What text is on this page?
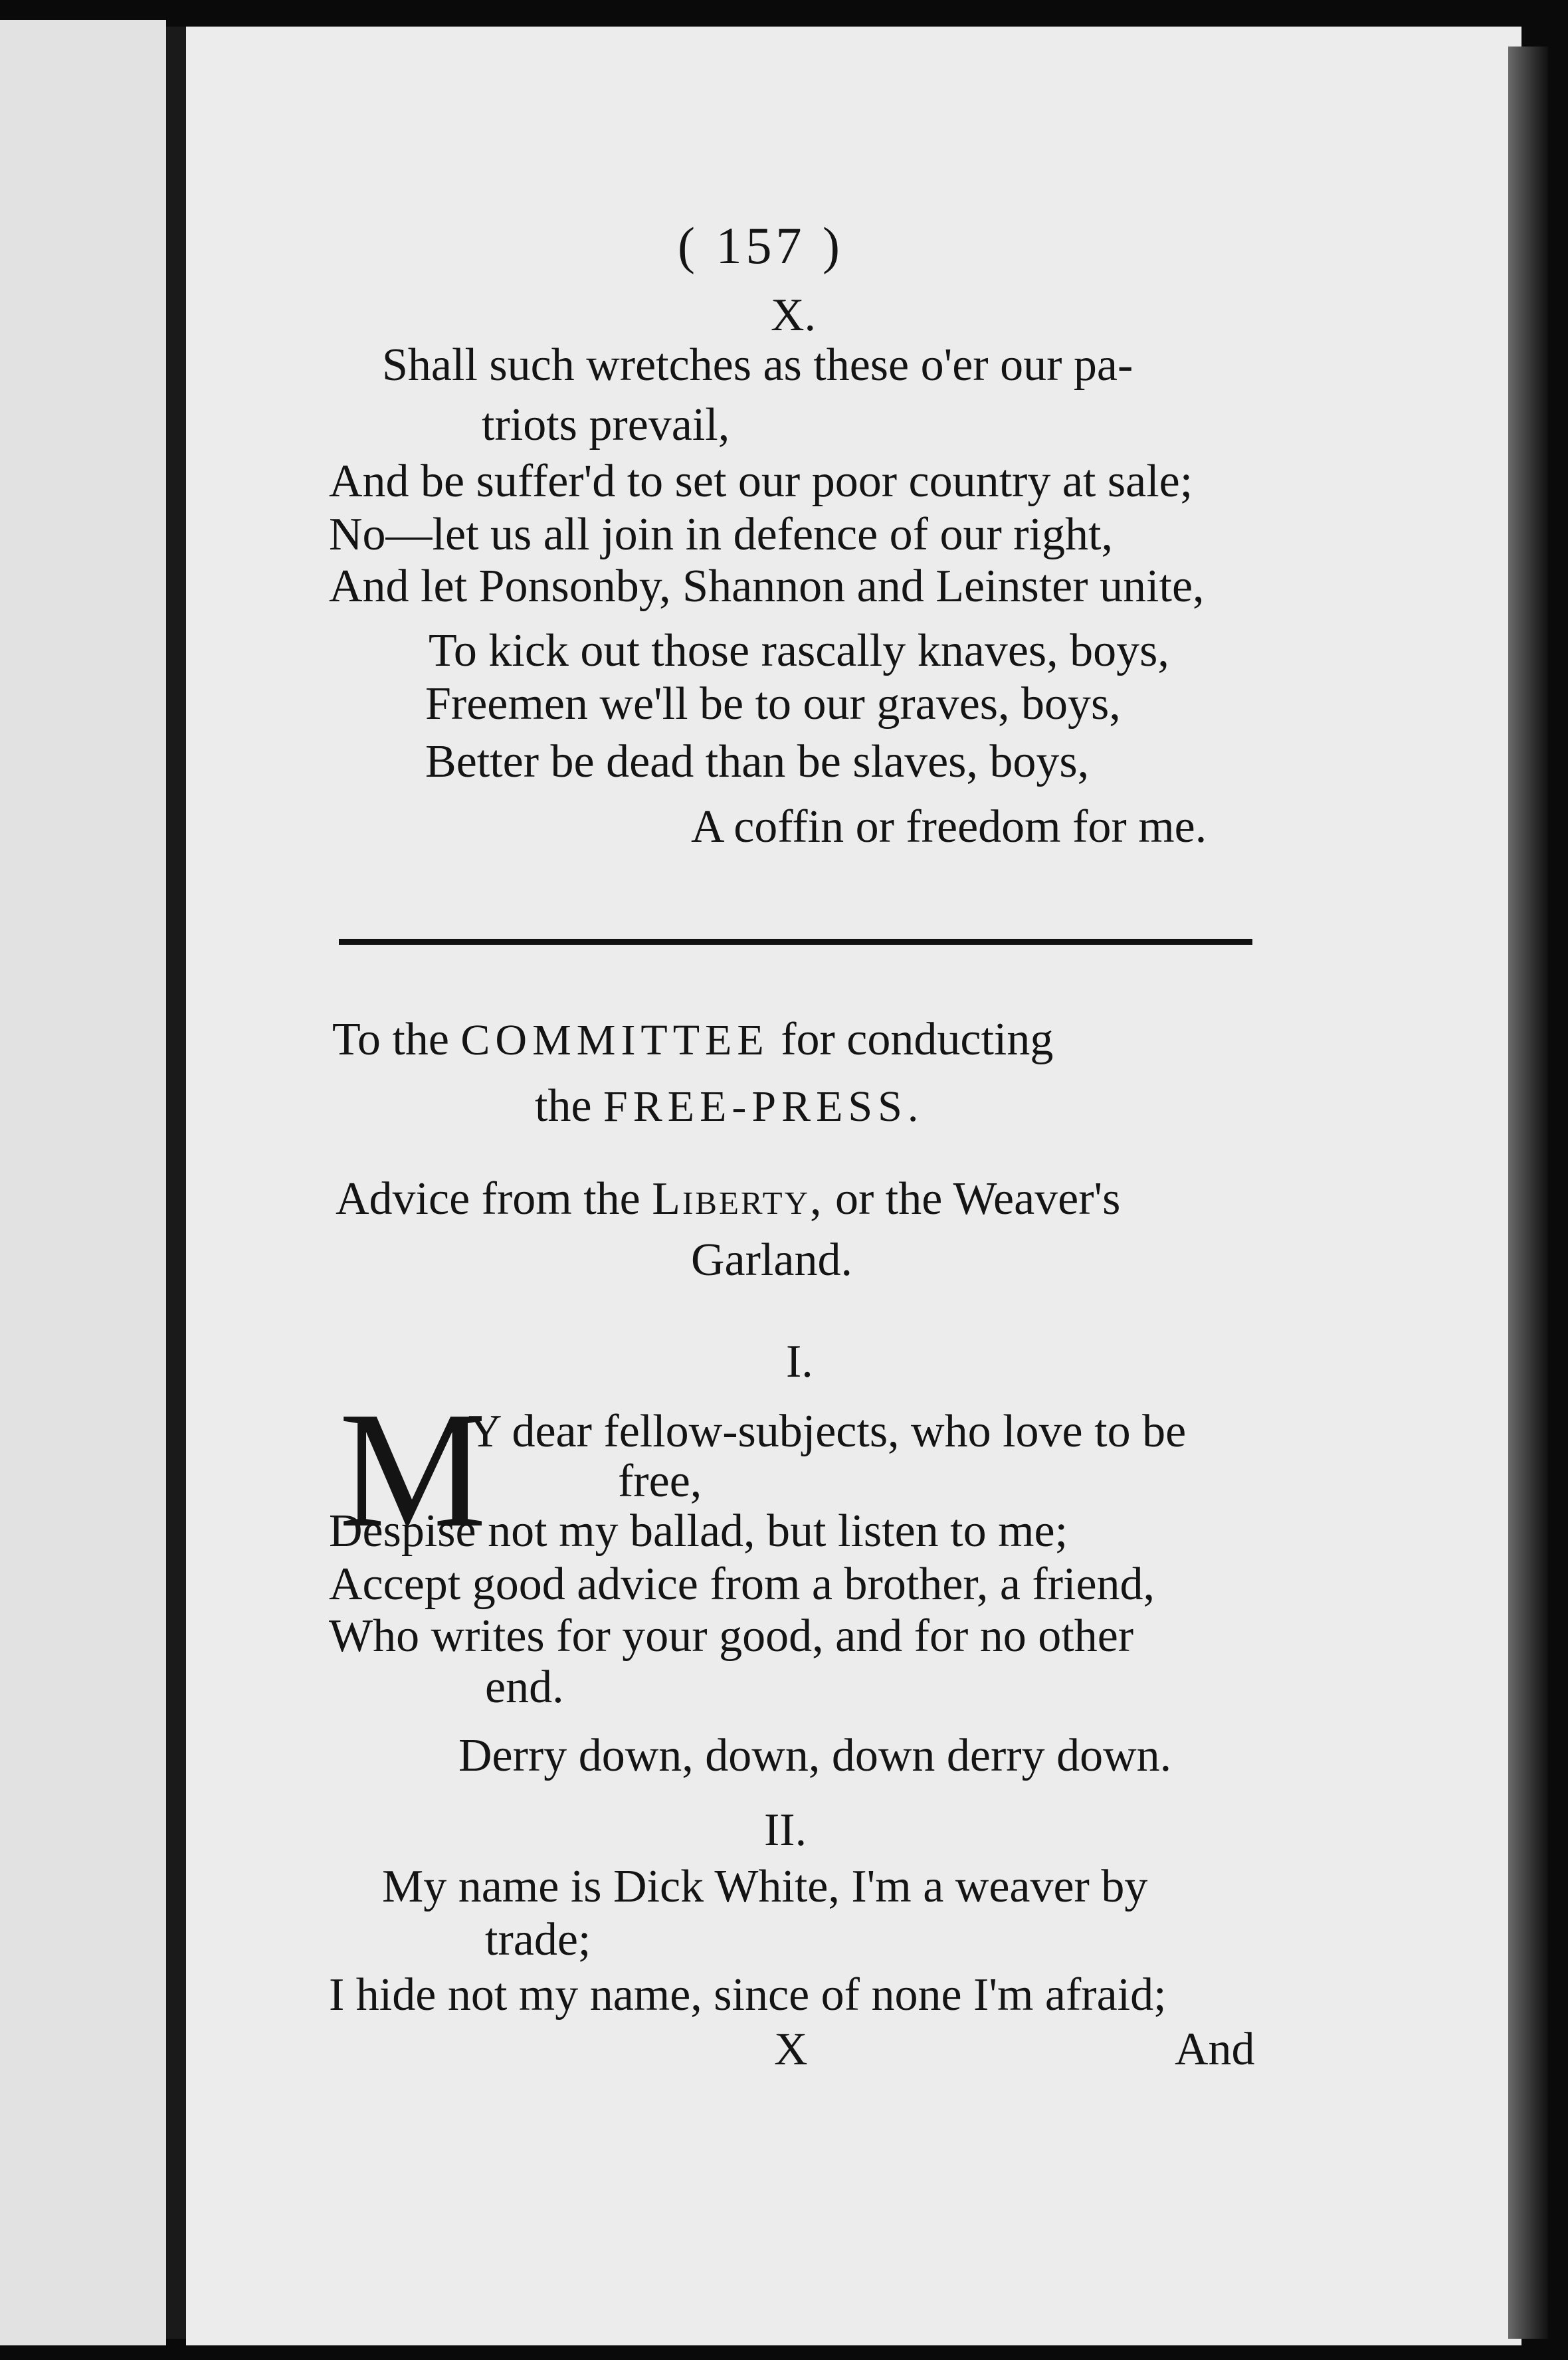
( 157 )
X.
Shall such wretches as these o'er our pa-
triots prevail,
And be suffer'd to set our poor country at sale;
No—let us all join in defence of our right,
And let Ponsonby, Shannon and Leinster unite,
To kick out those rascally knaves, boys,
Freemen we'll be to our graves, boys,
Better be dead than be slaves, boys,
A coffin or freedom for me.
To the COMMITTEE for conducting
the FREE-PRESS.
Advice from the Liberty, or the Weaver's
Garland.
I.
M
Y dear fellow-subjects, who love to be
free,
Despise not my ballad, but listen to me;
Accept good advice from a brother, a friend,
Who writes for your good, and for no other
end.
Derry down, down, down derry down.
II.
My name is Dick White, I'm a weaver by
trade;
I hide not my name, since of none I'm afraid;
X	And
